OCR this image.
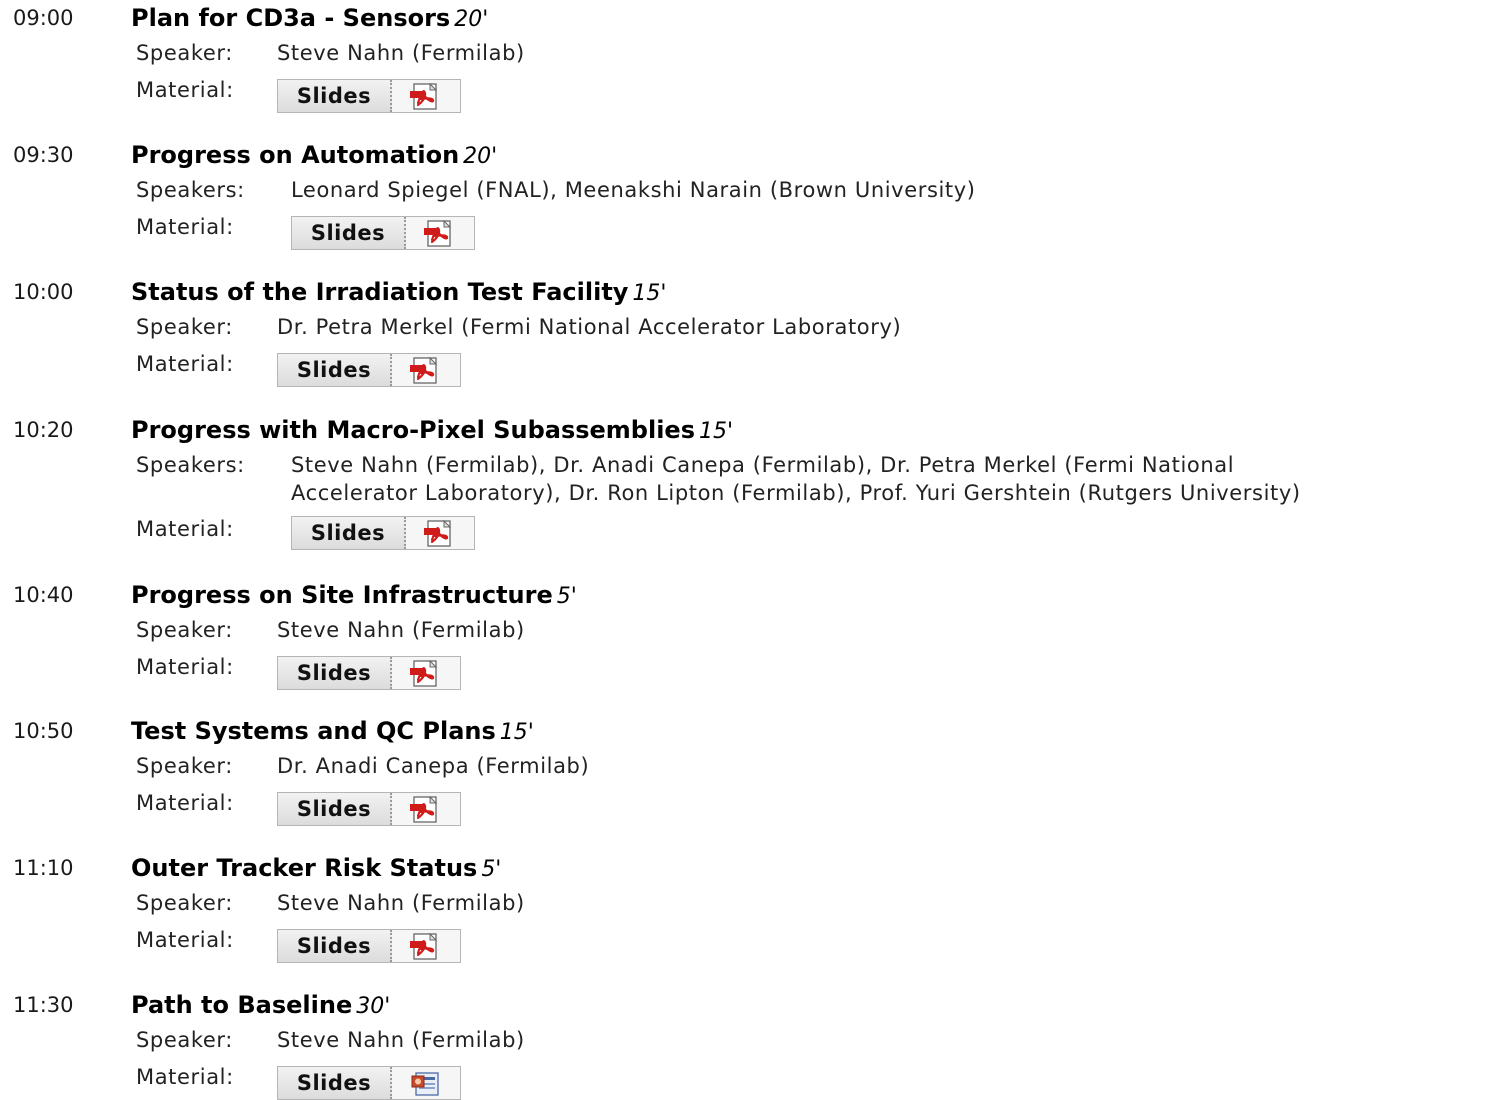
09:00 Plan for CD3a - Sensors 20'
Speaker: Steve Nahn (Fermilab)
Material:	Slides
09:30 Progress on Automation 20'
Speakers: Leonard Spiegel (FNAL), Meenakshi Narain (Brown University)
Material:	Slides
10:00 Status of the Irradiation Test Facility 15'
Speaker: Dr. Petra Merkel (Fermi National Accelerator Laboratory)
Material:	Slides
10:20 Progress with Macro-Pixel Subassemblies 15'
Speakers: Steve Nahn (Fermilab), Dr. Anadi Canepa (Fermilab), Dr. Petra Merkel (Fermi National
Accelerator Laboratory), Dr. Ron Lipton (Fermilab), Prof. Yuri Gershtein (Rutgers University)
Material:	Slides
10:40 Progress on Site Infrastructure 5'
Speaker: Steve Nahn (Fermilab)
Material:	Slides
10:50 Test Systems and QC Plans 15'
Speaker: Dr. Anadi Canepa (Fermilab)
Material:	Slides
11:10 Outer Tracker Risk Status 5'
Speaker: Steve Nahn (Fermilab)
Material:	Slides
11:30 Path to Baseline 30'
Speaker: Steve Nahn (Fermilab)
Material:	Slides
